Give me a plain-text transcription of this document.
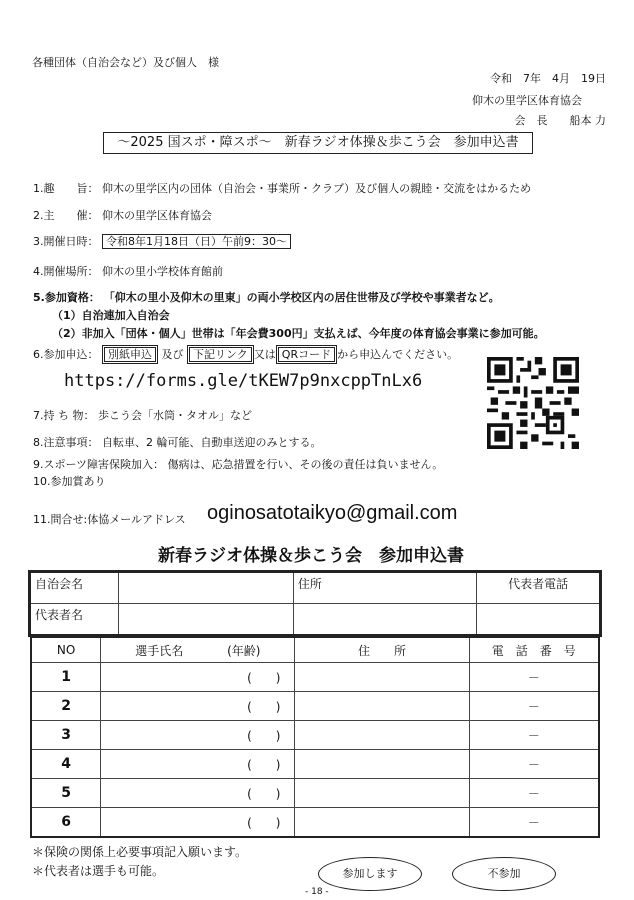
各種団体（自治会など）及び個人　様
令和　7年　4月　19日
仰木の里学区体育協会
会　長　　船本 力
～2025 国スポ・障スポ～　新春ラジオ体操＆歩こう会　参加申込書
1.趣　　旨： 仰木の里学区内の団体（自治会・事業所・クラブ）及び個人の親睦・交流をはかるため
2.主　　催： 仰木の里学区体育協会
3.開催日時： 令和8年1月18日（日）午前9：30～
4.開催場所： 仰木の里小学校体育館前
5.参加資格： 「仰木の里小及仰木の里東」の両小学校区内の居住世帯及び学校や事業者など。
（1）自治連加入自治会
（2）非加入「団体・個人」世帯は「年会費300円」支払えば、今年度の体育協会事業に参加可能。
6.参加申込： 別紙申込 及び 下記リンク 又は QRコード から申込んでください。
https://forms.gle/tKEW7p9nxcppTnLx6
7.持 ち 物： 歩こう会「水筒・タオル」など
8.注意事項： 自転車、2 輪可能、自動車送迎のみとする。
9.スポーツ障害保険加入： 傷病は、応急措置を行い、その後の責任は負いません。
10.参加賞あり
11.問合せ:体協メールアドレス oginosatotaikyo@gmail.com
新春ラジオ体操＆歩こう会　参加申込書
自治会名		住所	代表者電話
代表者名			
NO	選手氏名 (年齢)	住　　所	電　話　番　号
1	(　　)		－
2	(　　)		－
3	(　　)		－
4	(　　)		－
5	(　　)		－
6	(　　)		－
＊保険の関係上必要事項記入願います。
＊代表者は選手も可能。	参加します	不参加
- 18 -
